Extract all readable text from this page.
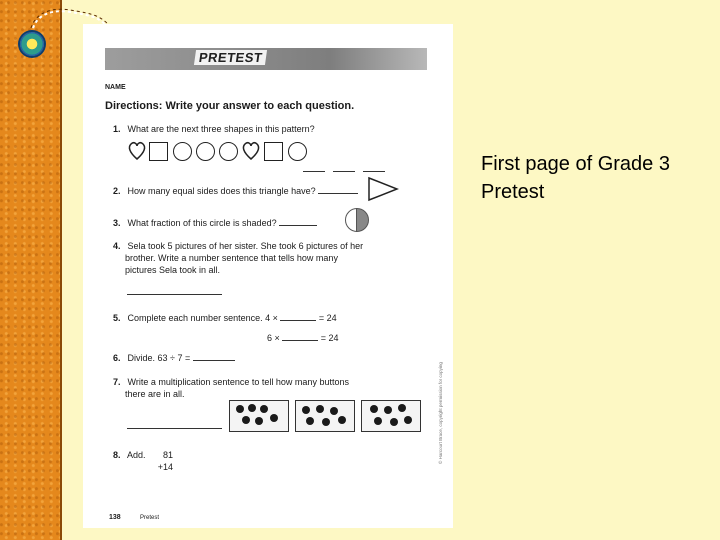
PRETEST
NAME
Directions: Write your answer to each question.
1. What are the next three shapes in this pattern?
2. How many equal sides does this triangle have?
3. What fraction of this circle is shaded?
4. Sela took 5 pictures of her sister. She took 6 pictures of her
brother. Write a number sentence that tells how many
pictures Sela took in all.
5. Complete each number sentence. 4 ×	= 24
6 ×	= 24
6. Divide. 63 ÷ 7 =
7. Write a multiplication sentence to tell how many buttons
there are in all.
8. Add.	81
+14
© Harcourt Brace, copyright permission for copying
138	Pretest
First page of Grade 3 Pretest
